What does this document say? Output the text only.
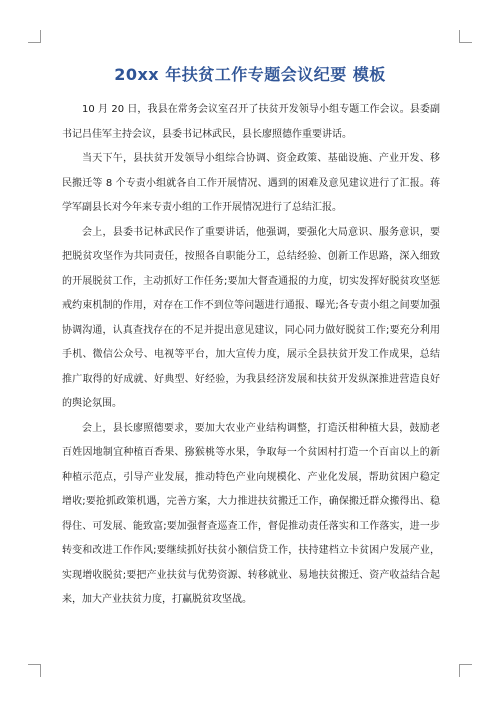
20xx 年扶贫工作专题会议纪要 模板

10 月 20 日，我县在常务会议室召开了扶贫开发领导小组专题工作会议。县委副书记吕佳军主持会议，县委书记林武民，县长廖照德作重要讲话。

当天下午，县扶贫开发领导小组综合协调、资金政策、基础设施、产业开发、移民搬迁等 8 个专责小组就各自工作开展情况、遇到的困难及意见建议进行了汇报。蒋学军副县长对今年来专责小组的工作开展情况进行了总结汇报。

会上，县委书记林武民作了重要讲话，他强调，要强化大局意识、服务意识，要把脱贫攻坚作为共同责任，按照各自职能分工，总结经验、创新工作思路，深入细致的开展脱贫工作，主动抓好工作任务;要加大督查通报的力度，切实发挥好脱贫攻坚惩戒约束机制的作用，对存在工作不到位等问题进行通报、曝光;各专责小组之间要加强协调沟通，认真查找存在的不足并提出意见建议，同心同力做好脱贫工作;要充分利用手机、微信公众号、电视等平台，加大宣传力度，展示全县扶贫开发工作成果，总结推广取得的好成就、好典型、好经验，为我县经济发展和扶贫开发纵深推进营造良好的舆论氛围。

会上，县长廖照德要求，要加大农业产业结构调整，打造沃柑种植大县，鼓励老百姓因地制宜种植百香果、猕猴桃等水果，争取每一个贫困村打造一个百亩以上的新种植示范点，引导产业发展，推动特色产业向规模化、产业化发展，帮助贫困户稳定增收;要抢抓政策机遇，完善方案，大力推进扶贫搬迁工作，确保搬迁群众搬得出、稳得住、可发展、能致富;要加强督查巡查工作，督促推动责任落实和工作落实，进一步转变和改进工作作风;要继续抓好扶贫小额信贷工作，扶持建档立卡贫困户发展产业，实现增收脱贫;要把产业扶贫与优势资源、转移就业、易地扶贫搬迁、资产收益结合起来，加大产业扶贫力度，打赢脱贫攻坚战。
